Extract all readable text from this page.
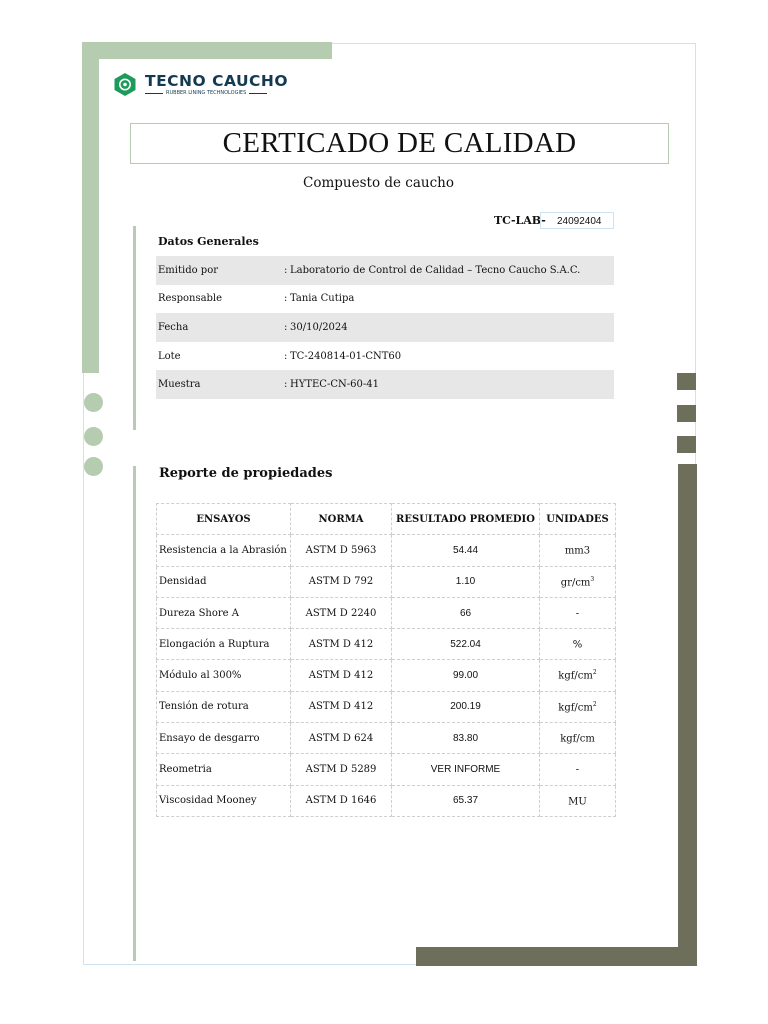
TECNO CAUCHO
RUBBER LINING TECHNOLOGIES
CERTICADO DE CALIDAD
Compuesto de caucho
TC-LAB-	24092404
Datos Generales
Emitido por	:	Laboratorio de Control de Calidad – Tecno Caucho S.A.C.
Responsable	:	Tania Cutipa
Fecha	:	30/10/2024
Lote	:	TC-240814-01-CNT60
Muestra	:	HYTEC-CN-60-41
Reporte de propiedades
ENSAYOS	NORMA	RESULTADO PROMEDIO	UNIDADES
Resistencia a la Abrasión	ASTM D 5963	54.44	mm3
Densidad	ASTM D 792	1.10	$gr/cm^3$
Dureza Shore A	ASTM D 2240	66	-
Elongación a Ruptura	ASTM D 412	522.04	%
Módulo al 300%	ASTM D 412	99.00	kgf/$cm^2$
Tensión de rotura	ASTM D 412	200.19	kgf/$cm^2$
Ensayo de desgarro	ASTM D 624	83.80	kgf/cm
Reometria	ASTM D 5289	VER INFORME	-
Viscosidad Mooney	ASTM D 1646	65.37	MU
